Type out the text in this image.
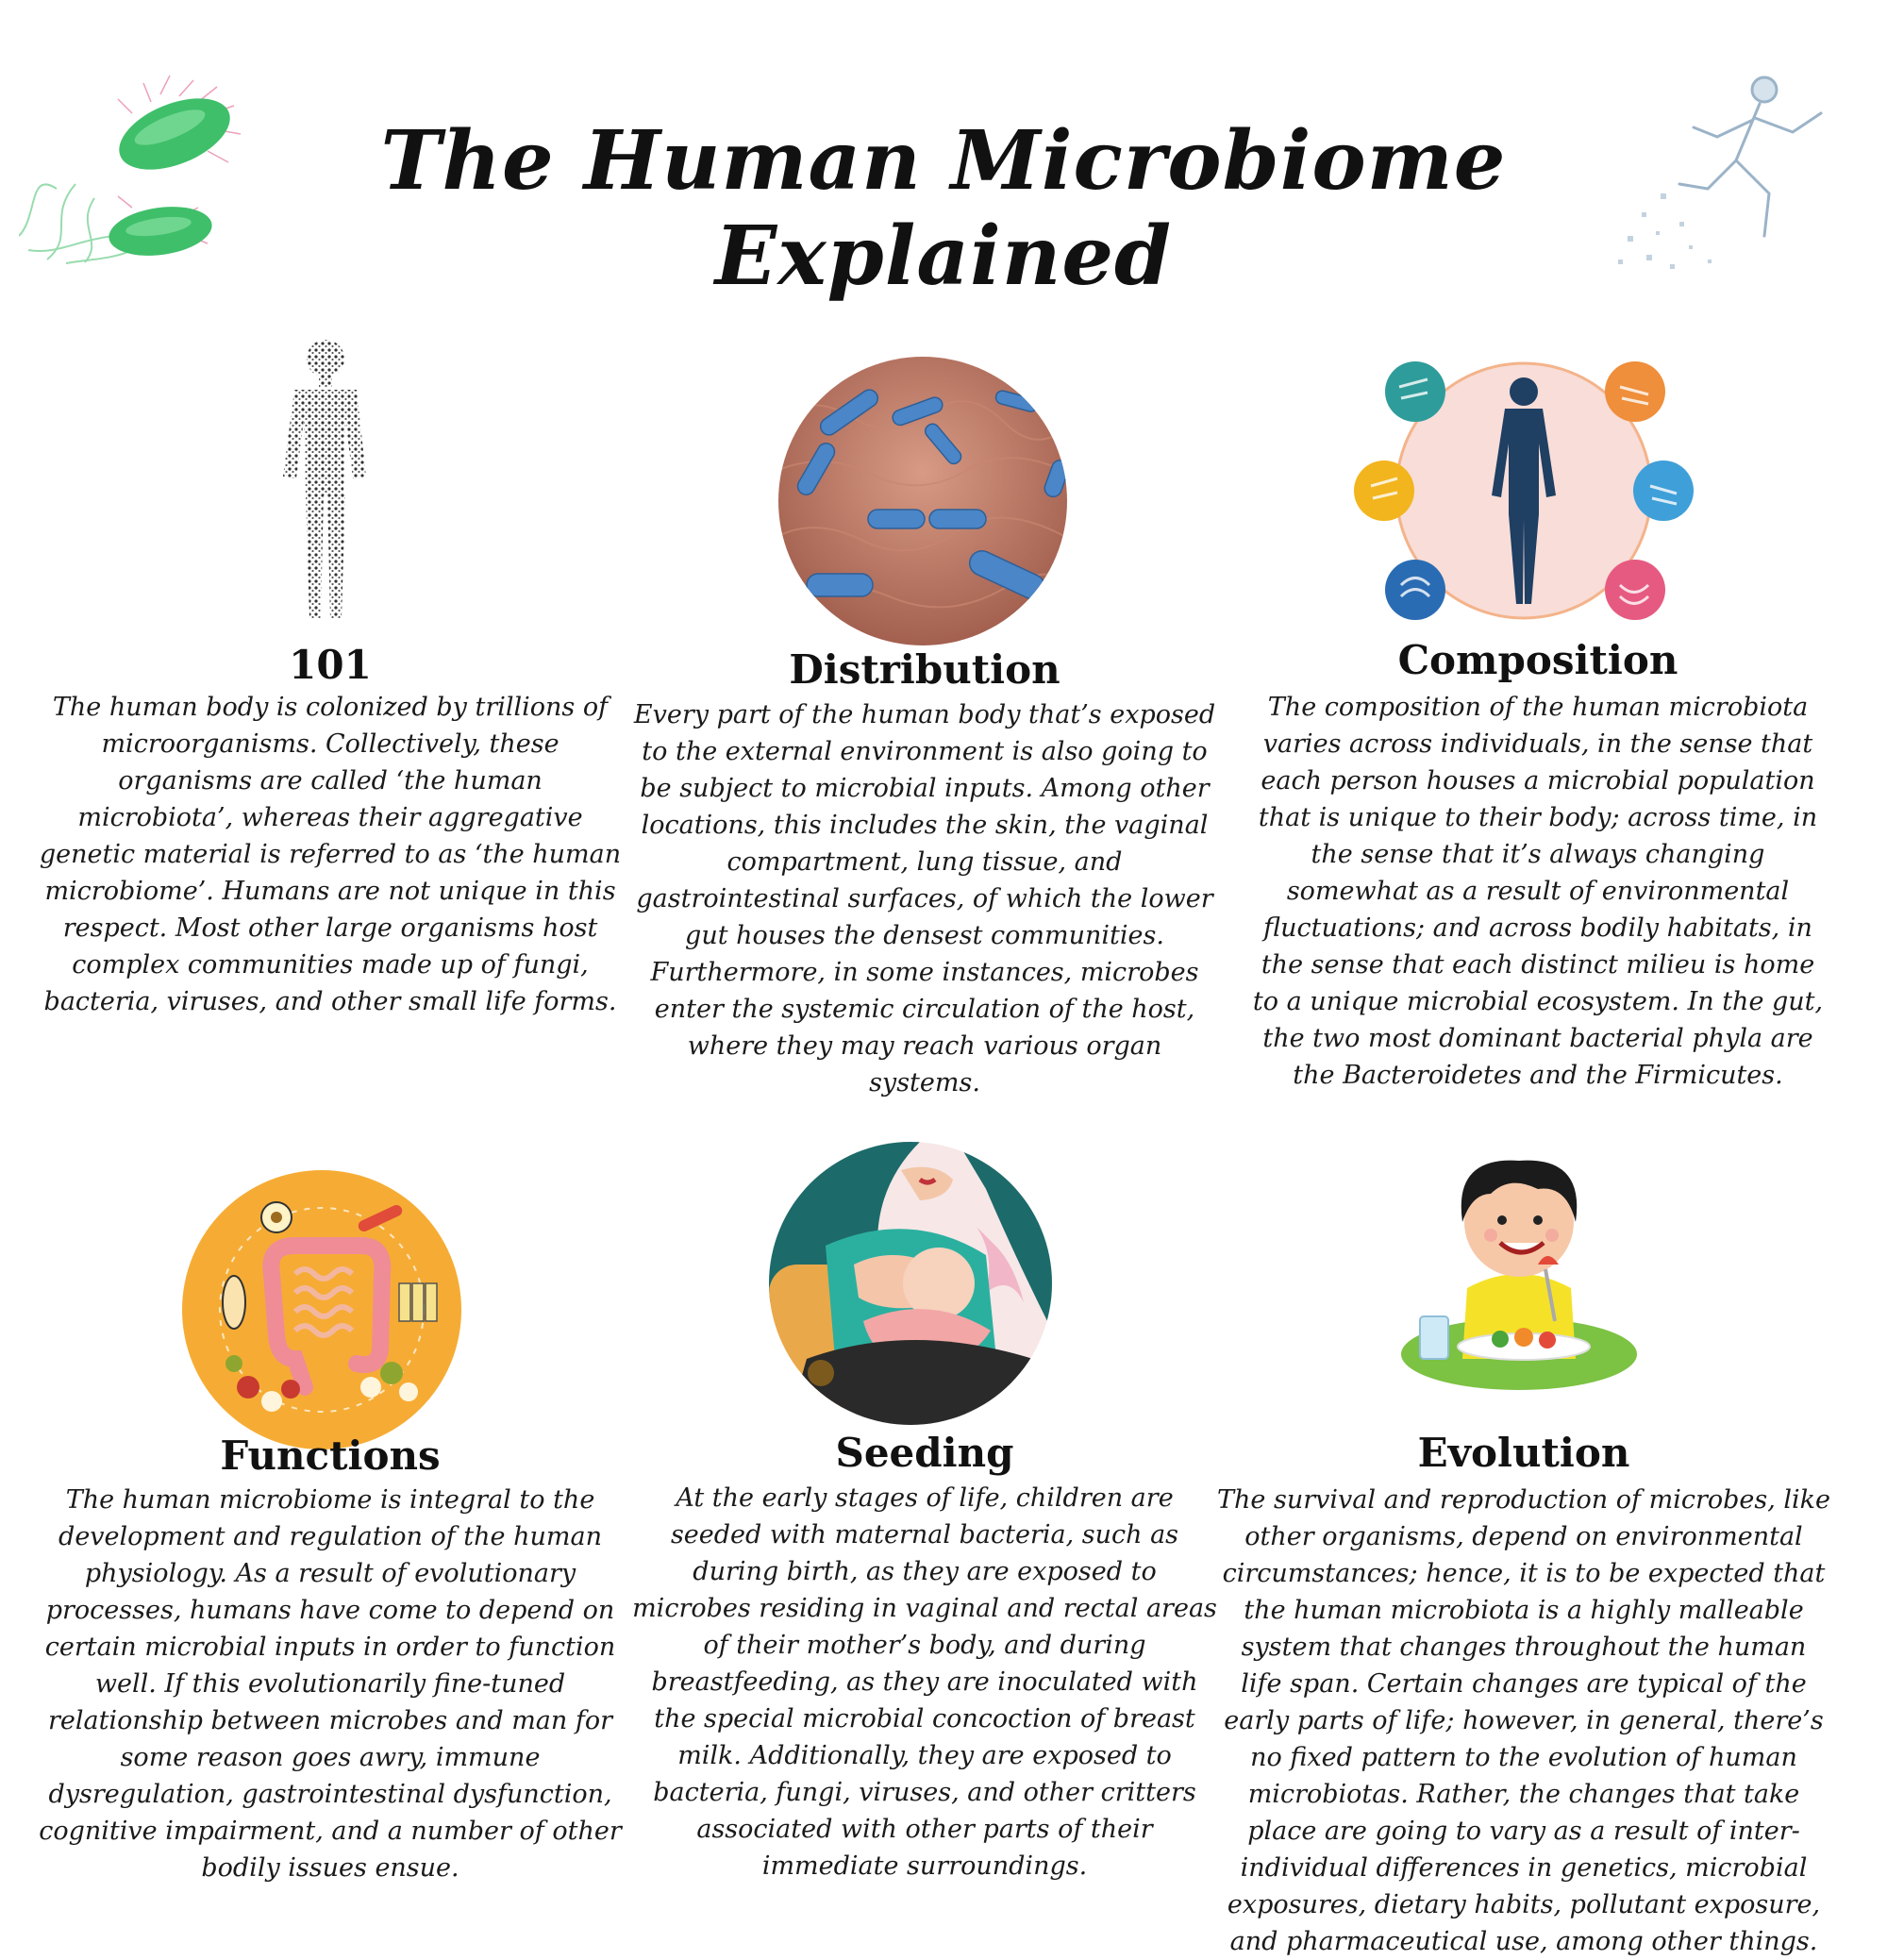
The Human Microbiome Explained
101

The human body is colonized by trillions of microorganisms. Collectively, these organisms are called ‘the human microbiota’, whereas their aggregative genetic material is referred to as ‘the human microbiome’. Humans are not unique in this respect. Most other large organisms host complex communities made up of fungi, bacteria, viruses, and other small life forms.

Distribution

Every part of the human body that’s exposed to the external environment is also going to be subject to microbial inputs. Among other locations, this includes the skin, the vaginal compartment, lung tissue, and gastrointestinal surfaces, of which the lower gut houses the densest communities. Furthermore, in some instances, microbes enter the systemic circulation of the host, where they may reach various organ systems.

Composition

The composition of the human microbiota varies across individuals, in the sense that each person houses a microbial population that is unique to their body; across time, in the sense that it’s always changing somewhat as a result of environmental fluctuations; and across bodily habitats, in the sense that each distinct milieu is home to a unique microbial ecosystem. In the gut, the two most dominant bacterial phyla are the Bacteroidetes and the Firmicutes.

Functions

The human microbiome is integral to the development and regulation of the human physiology. As a result of evolutionary processes, humans have come to depend on certain microbial inputs in order to function well. If this evolutionarily fine-tuned relationship between microbes and man for some reason goes awry, immune dysregulation, gastrointestinal dysfunction, cognitive impairment, and a number of other bodily issues ensue.

Seeding

At the early stages of life, children are seeded with maternal bacteria, such as during birth, as they are exposed to microbes residing in vaginal and rectal areas of their mother’s body, and during breastfeeding, as they are inoculated with the special microbial concoction of breast milk. Additionally, they are exposed to bacteria, fungi, viruses, and other critters associated with other parts of their immediate surroundings.

Evolution

The survival and reproduction of microbes, like other organisms, depend on environmental circumstances; hence, it is to be expected that the human microbiota is a highly malleable system that changes throughout the human life span. Certain changes are typical of the early parts of life; however, in general, there’s no fixed pattern to the evolution of human microbiotas. Rather, the changes that take place are going to vary as a result of inter-individual differences in genetics, microbial exposures, dietary habits, pollutant exposure, and pharmaceutical use, among other things.
